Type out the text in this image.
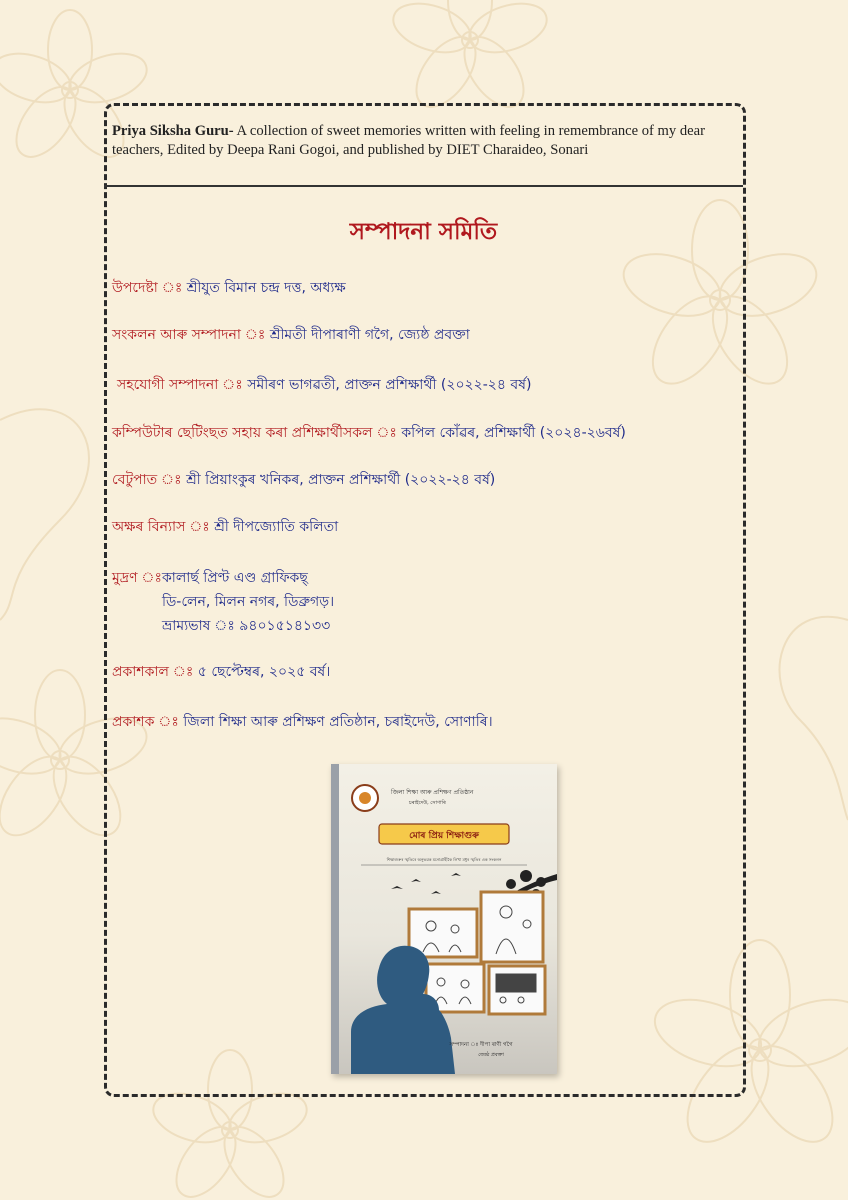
Priya Siksha Guru- A collection of sweet memories written with feeling in remembrance of my dear teachers, Edited by Deepa Rani Gogoi, and published by DIET Charaideo, Sonari
সম্পাদনা সমিতি
উপদেষ্টা ঃ শ্ৰীযুত বিমান চন্দ্ৰ দত্ত, অধ্যক্ষ
সংকলন আৰু সম্পাদনা ঃ শ্ৰীমতী দীপাৰাণী গগৈ, জ্যেষ্ঠ প্ৰবক্তা
সহযোগী সম্পাদনা ঃ সমীৰণ ভাগৱতী, প্ৰাক্তন প্ৰশিক্ষাৰ্থী (২০২২-২৪ বৰ্ষ)
কম্পিউটাৰ ছেটিংছত সহায় কৰা প্ৰশিক্ষাৰ্থীসকল ঃ কপিল কোঁৱৰ, প্ৰশিক্ষাৰ্থী (২০২৪-২৬বৰ্ষ)
বেটুপাত ঃ শ্ৰী প্ৰিয়াংকুৰ খনিকৰ, প্ৰাক্তন প্ৰশিক্ষাৰ্থী (২০২২-২৪ বৰ্ষ)
অক্ষৰ বিন্যাস ঃ শ্ৰী দীপজ্যোতি কলিতা
মুদ্ৰণ ঃ কালাৰ্ছ প্ৰিণ্ট এণ্ড গ্ৰাফিকছ্
ডি-লেন, মিলন নগৰ, ডিব্ৰুগড়।
ভ্ৰাম্যভাষ ঃ ৯৪০১৫১৪১৩৩
প্ৰকাশকাল ঃ ৫ ছেপ্টেম্বৰ, ২০২৫ বৰ্ষ।
প্ৰকাশক ঃ জিলা শিক্ষা আৰু প্ৰশিক্ষণ প্ৰতিষ্ঠান, চৰাইদেউ, সোণাৰি।
জিলা শিক্ষা আৰু প্ৰশিক্ষণ প্ৰতিষ্ঠান
চৰাইদেউ, সোণাৰি
মোৰ প্ৰিয় শিক্ষাগুৰু
শিক্ষাগুৰুৰ স্মৃতিৰে অনুভৱক মনোগ্ৰাহীকৈ লিখা মধুৰ স্মৃতিৰ এক সংকলন
সম্পাদনা ঃ দীপা ৰাণী গগৈ
জ্যেষ্ঠ প্ৰবক্তা
